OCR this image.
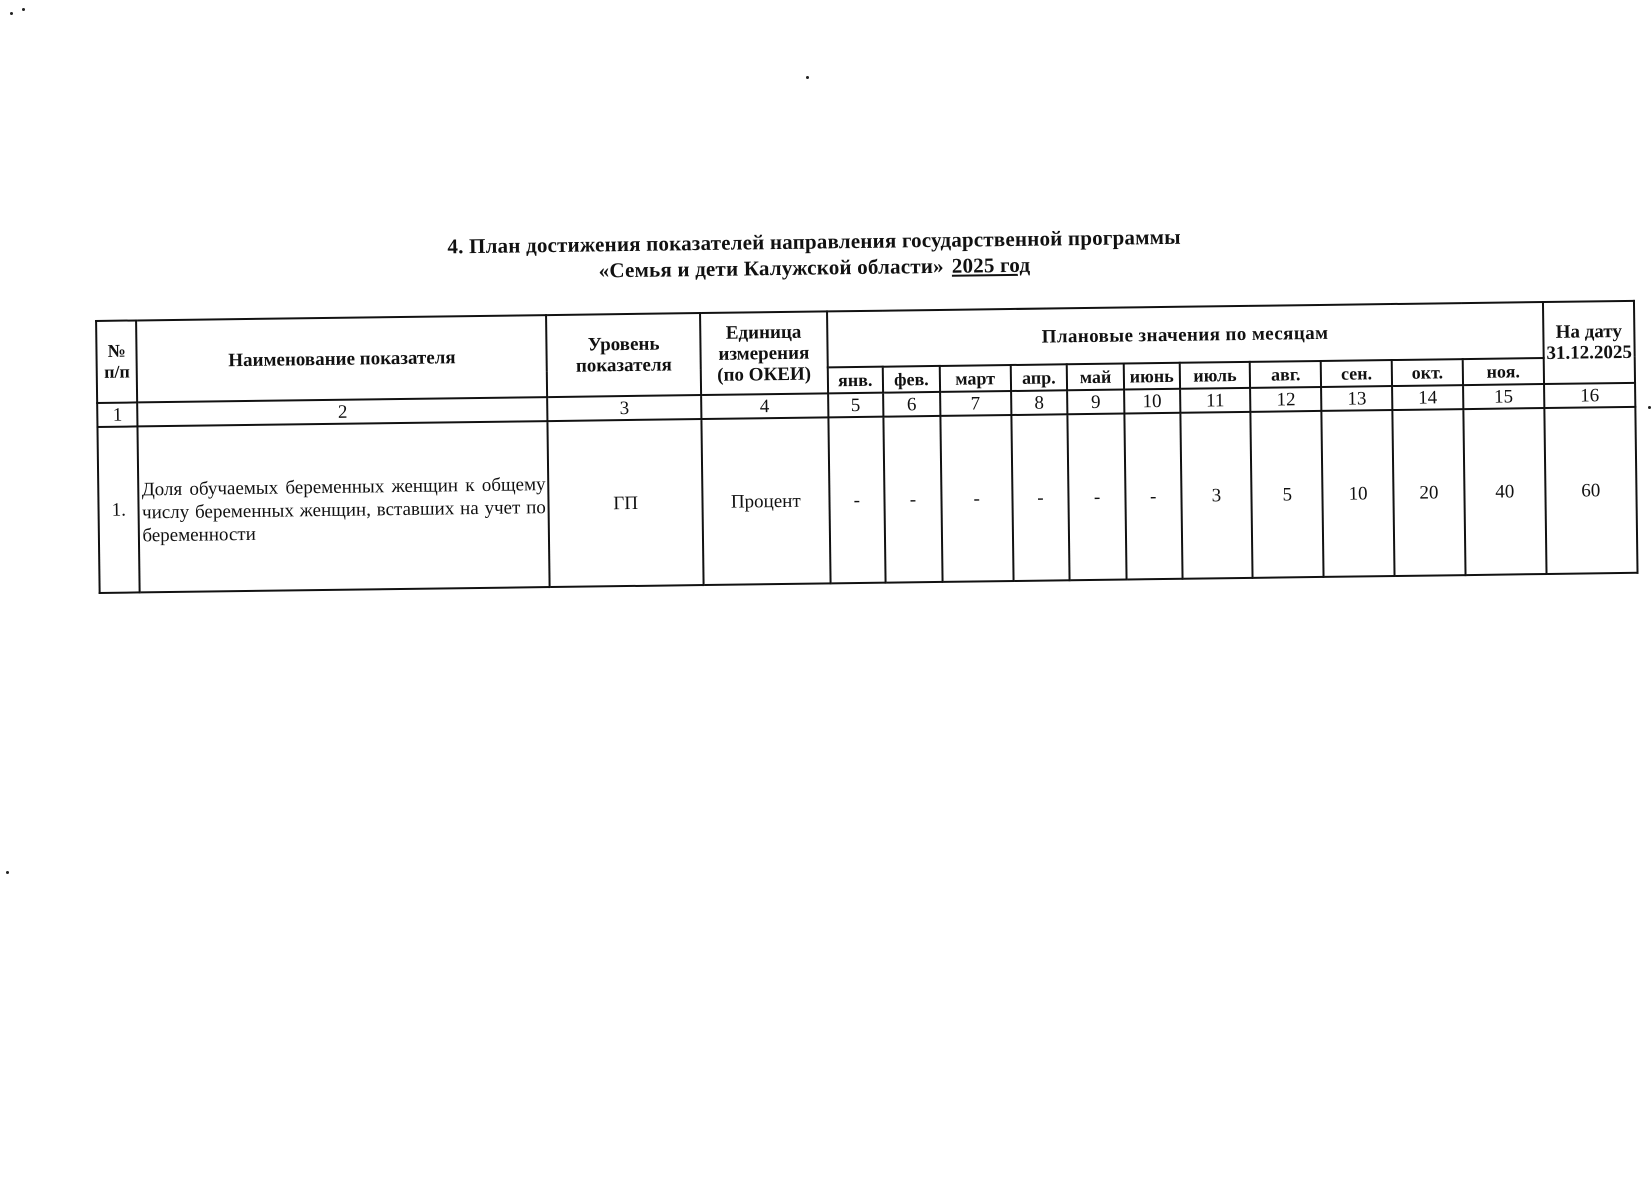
4. План достижения показателей направления государственной программы
«Семья и дети Калужской области» 2025 год
№ п/п	Наименование показателя	Уровень показателя	Единица измерения (по ОКЕИ)	Плановые значения по месяцам											На дату 31.12.2025
				янв.	фев.	март	апр.	май	июнь	июль	авг.	сен.	окт.	ноя.	
1	2	3	4	5	6	7	8	9	10	11	12	13	14	15	16
1.	Доля обучаемых беременных женщин к общему числу беременных женщин, вставших на учет по беременности	ГП	Процент	-	-	-	-	-	-	3	5	10	20	40	60
